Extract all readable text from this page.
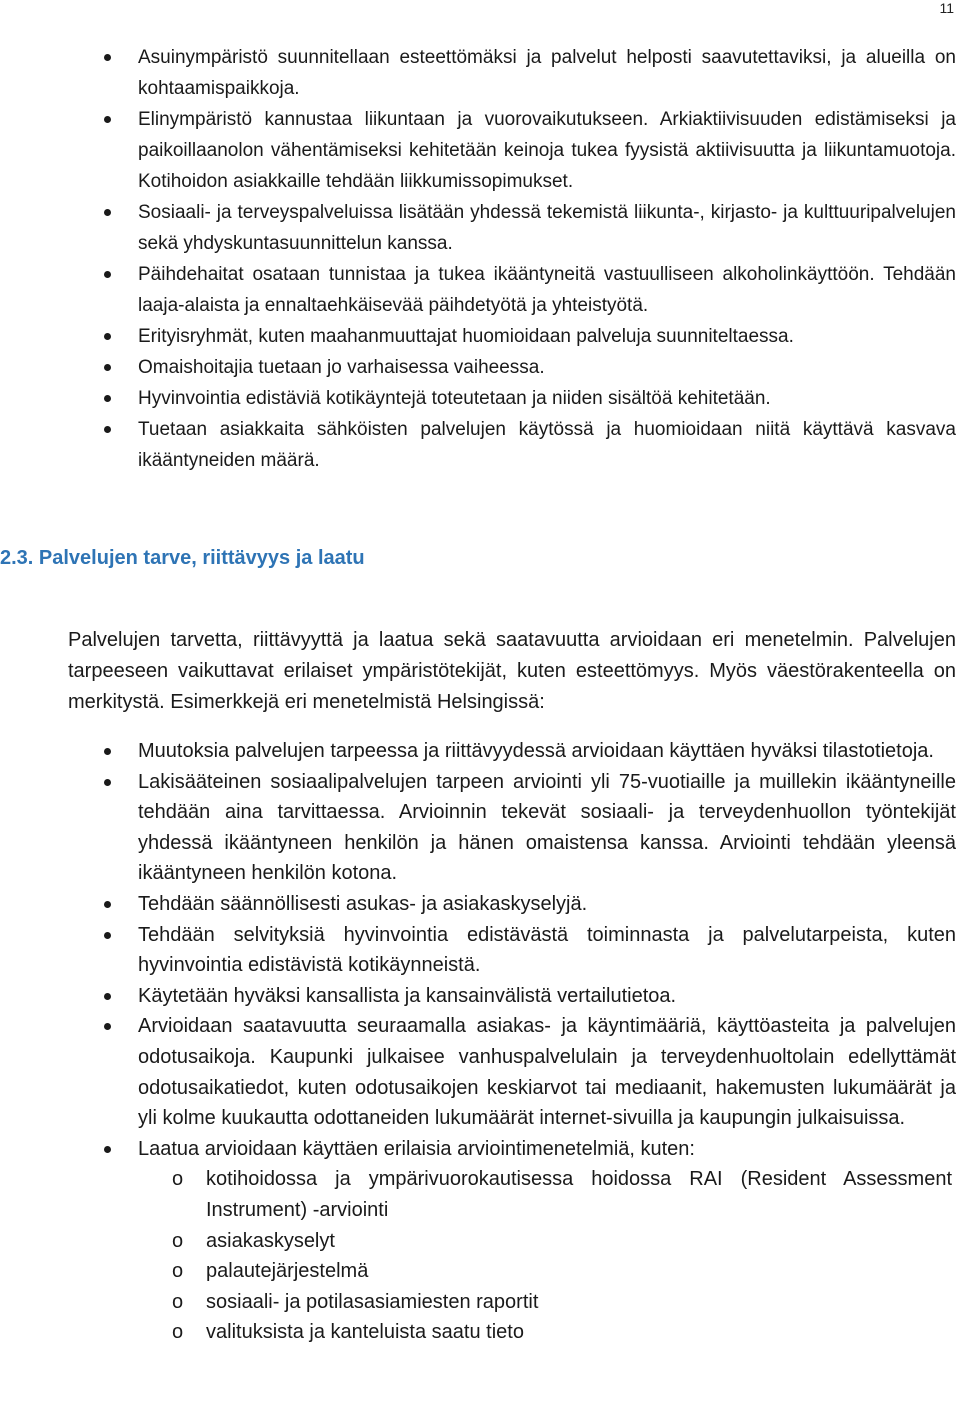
11
Asuinympäristö suunnitellaan esteettömäksi ja palvelut helposti saavutettaviksi, ja alueilla on kohtaamispaikkoja.
Elinympäristö kannustaa liikuntaan ja vuorovaikutukseen. Arkiaktiivisuuden edistämiseksi ja paikoillaanolon vähentämiseksi kehitetään keinoja tukea fyysistä aktiivisuutta ja liikuntamuotoja. Kotihoidon asiakkaille tehdään liikkumissopimukset.
Sosiaali- ja terveyspalveluissa lisätään yhdessä tekemistä liikunta-, kirjasto- ja kulttuuripalvelujen sekä yhdyskuntasuunnittelun kanssa.
Päihdehaitat osataan tunnistaa ja tukea ikääntyneitä vastuulliseen alkoholinkäyttöön. Tehdään laaja-alaista ja ennaltaehkäisevää päihdetyötä ja yhteistyötä.
Erityisryhmät, kuten maahanmuuttajat huomioidaan palveluja suunniteltaessa.
Omaishoitajia tuetaan jo varhaisessa vaiheessa.
Hyvinvointia edistäviä kotikäyntejä toteutetaan ja niiden sisältöä kehitetään.
Tuetaan asiakkaita sähköisten palvelujen käytössä ja huomioidaan niitä käyttävä kasvava ikääntyneiden määrä.
2.3. Palvelujen tarve, riittävyys ja laatu

Palvelujen tarvetta, riittävyyttä ja laatua sekä saatavuutta arvioidaan eri menetelmin. Palvelujen tarpeeseen vaikuttavat erilaiset ympäristötekijät, kuten esteettömyys. Myös väestörakenteella on merkitystä. Esimerkkejä eri menetelmistä Helsingissä:

Muutoksia palvelujen tarpeessa ja riittävyydessä arvioidaan käyttäen hyväksi tilastotietoja.
Lakisääteinen sosiaalipalvelujen tarpeen arviointi yli 75-vuotiaille ja muillekin ikääntyneille tehdään aina tarvittaessa. Arvioinnin tekevät sosiaali- ja terveydenhuollon työntekijät yhdessä ikääntyneen henkilön ja hänen omaistensa kanssa. Arviointi tehdään yleensä ikääntyneen henkilön kotona.
Tehdään säännöllisesti asukas- ja asiakaskyselyjä.
Tehdään selvityksiä hyvinvointia edistävästä toiminnasta ja palvelutarpeista, kuten hyvinvointia edistävistä kotikäynneistä.
Käytetään hyväksi kansallista ja kansainvälistä vertailutietoa.
Arvioidaan saatavuutta seuraamalla asiakas- ja käyntimääriä, käyttöasteita ja palvelujen odotusaikoja. Kaupunki julkaisee vanhuspalvelulain ja terveydenhuoltolain edellyttämät odotusaikatiedot, kuten odotusaikojen keskiarvot tai mediaanit, hakemusten lukumäärät ja yli kolme kuukautta odottaneiden lukumäärät internet-sivuilla ja kaupungin julkaisuissa.
Laatua arvioidaan käyttäen erilaisia arviointimenetelmiä, kuten:
o kotihoidossa ja ympärivuorokautisessa hoidossa RAI (Resident Assessment Instrument) -arviointi
o asiakaskyselyt
o palautejärjestelmä
o sosiaali- ja potilasasiamiesten raportit
o valituksista ja kanteluista saatu tieto
